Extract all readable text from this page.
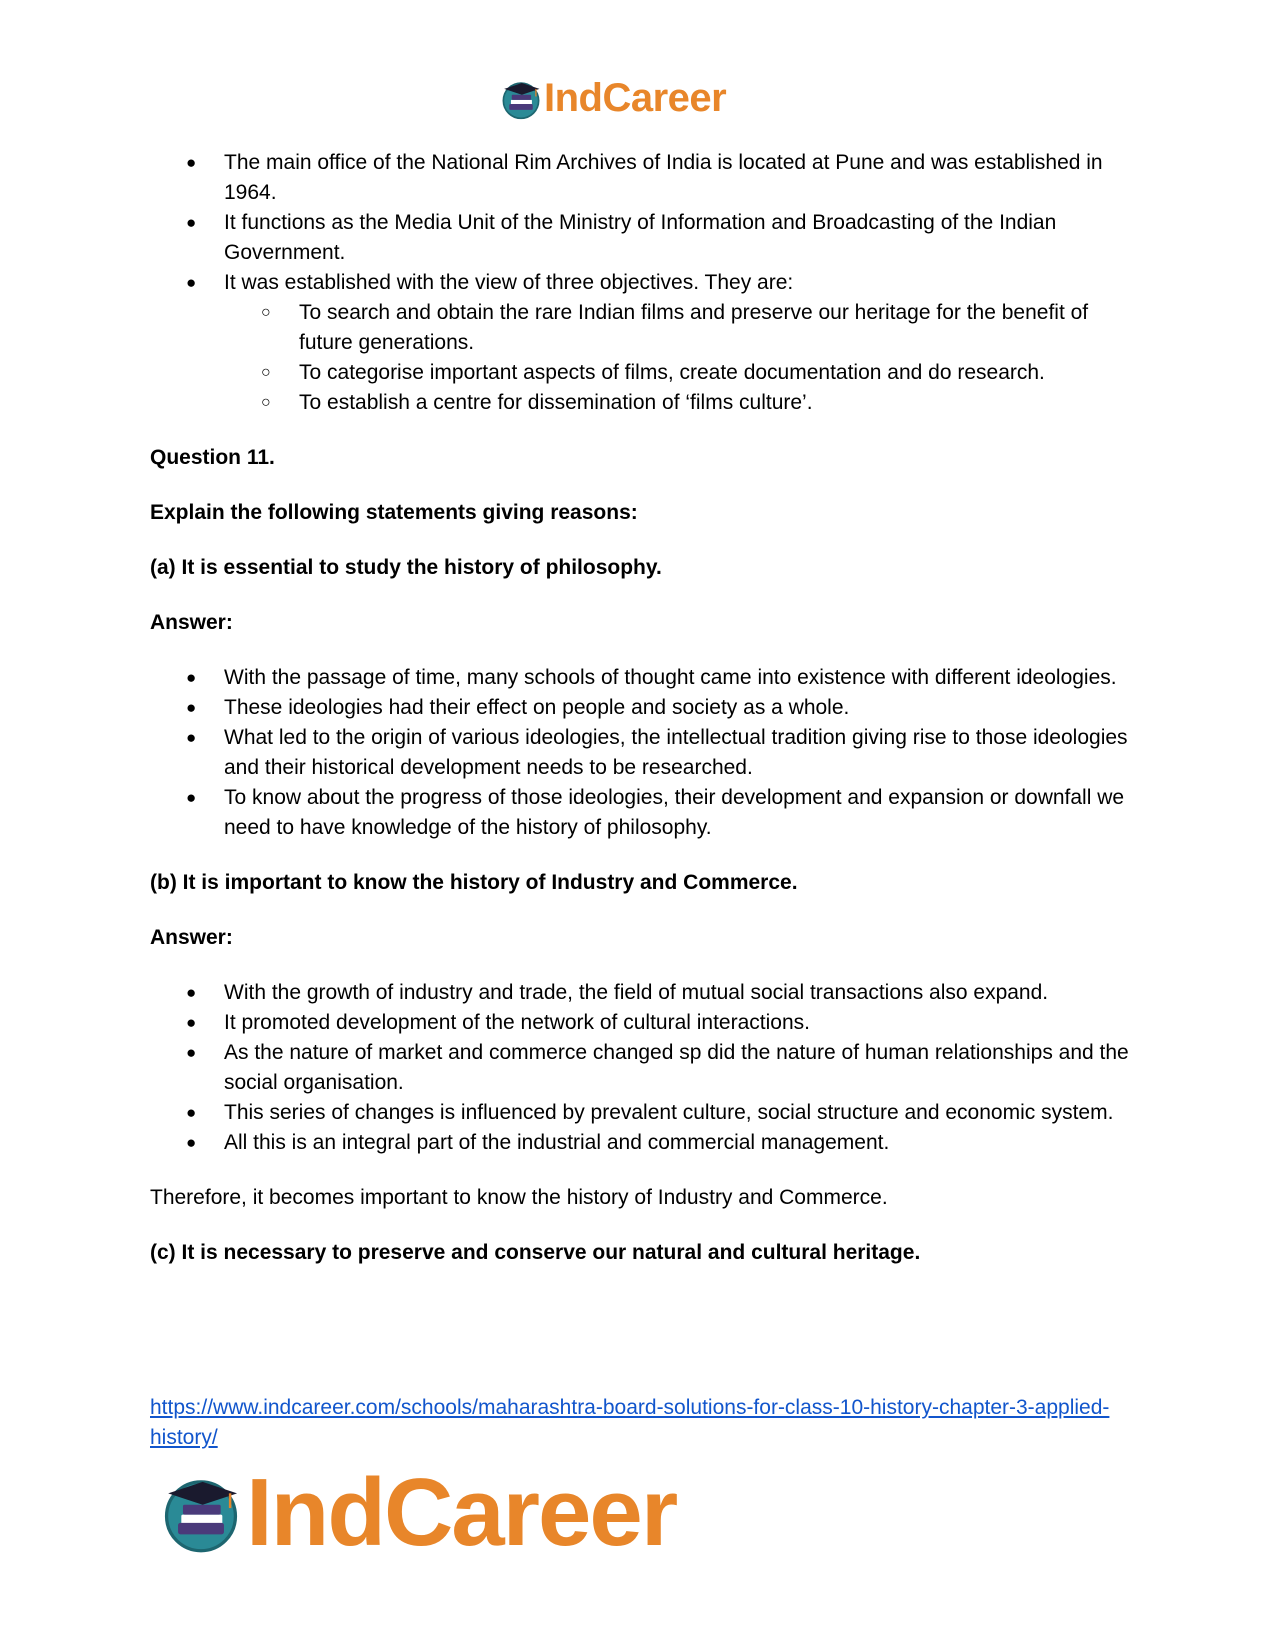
IndCareer
● The main office of the National Rim Archives of India is located at Pune and was established in 1964.
● It functions as the Media Unit of the Ministry of Information and Broadcasting of the Indian Government.
● It was established with the view of three objectives. They are:
○ To search and obtain the rare Indian films and preserve our heritage for the benefit of future generations.
○ To categorise important aspects of films, create documentation and do research.
○ To establish a centre for dissemination of ‘films culture’.

Question 11.

Explain the following statements giving reasons:

(a) It is essential to study the history of philosophy.

Answer:

● With the passage of time, many schools of thought came into existence with different ideologies.
● These ideologies had their effect on people and society as a whole.
● What led to the origin of various ideologies, the intellectual tradition giving rise to those ideologies and their historical development needs to be researched.
● To know about the progress of those ideologies, their development and expansion or downfall we need to have knowledge of the history of philosophy.

(b) It is important to know the history of Industry and Commerce.

Answer:

● With the growth of industry and trade, the field of mutual social transactions also expand.
● It promoted development of the network of cultural interactions.
● As the nature of market and commerce changed sp did the nature of human relationships and the social organisation.
● This series of changes is influenced by prevalent culture, social structure and economic system.
● All this is an integral part of the industrial and commercial management.

Therefore, it becomes important to know the history of Industry and Commerce.

(c) It is necessary to preserve and conserve our natural and cultural heritage.

https://www.indcareer.com/schools/maharashtra-board-solutions-for-class-10-history-chapter-3-applied-history/
IndCareer
